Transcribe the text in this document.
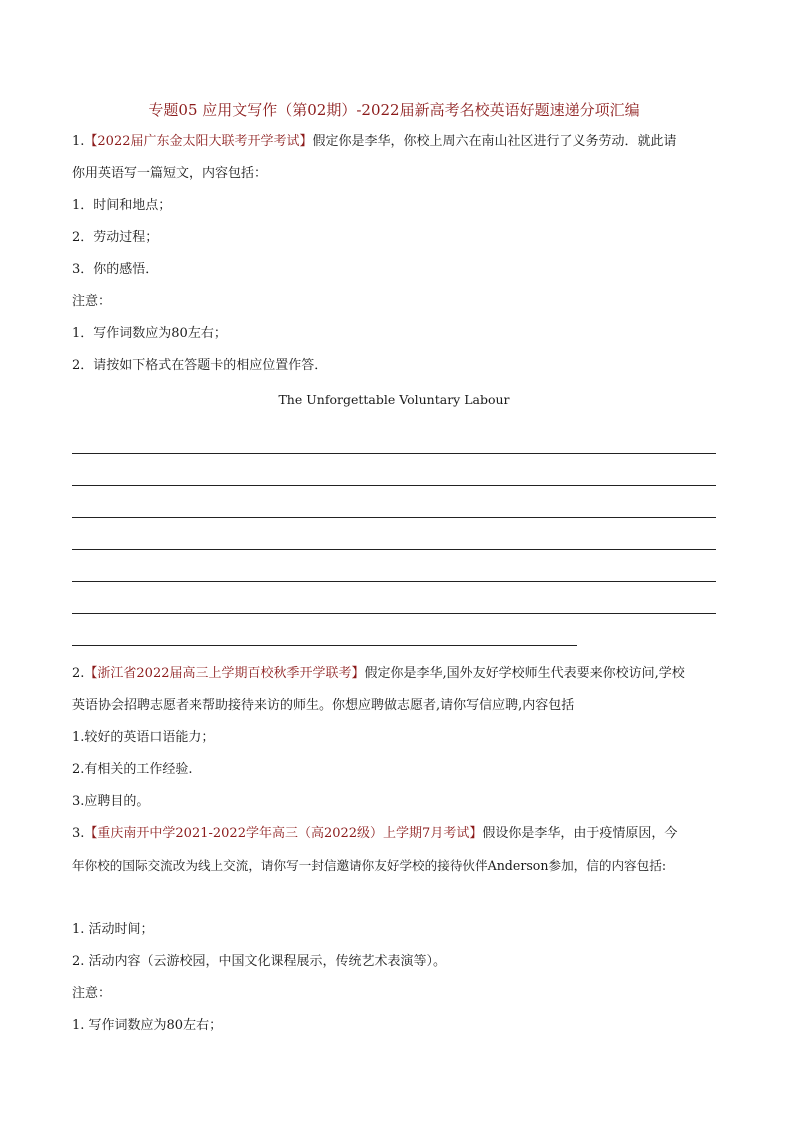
专题05 应用文写作（第02期）-2022届新高考名校英语好题速递分项汇编
1.【2022届广东金太阳大联考开学考试】假定你是李华，你校上周六在南山社区进行了义务劳动．就此请
你用英语写一篇短文，内容包括：
1．时间和地点；
2．劳动过程；
3．你的感悟．
注意：
1．写作词数应为80左右；
2．请按如下格式在答题卡的相应位置作答．
The Unforgettable Voluntary Labour
2.【浙江省2022届高三上学期百校秋季开学联考】假定你是李华,国外友好学校师生代表要来你校访问,学校
英语协会招聘志愿者来帮助接待来访的师生。你想应聘做志愿者,请你写信应聘,内容包括
1.较好的英语口语能力；
2.有相关的工作经验.
3.应聘目的。
3.【重庆南开中学2021-2022学年高三（高2022级）上学期7月考试】假设你是李华，由于疫情原因，今
年你校的国际交流改为线上交流，请你写一封信邀请你友好学校的接待伙伴Anderson参加，信的内容包括:
1. 活动时间；
2. 活动内容（云游校园，中国文化课程展示，传统艺术表演等）。
注意：
1. 写作词数应为80左右；
